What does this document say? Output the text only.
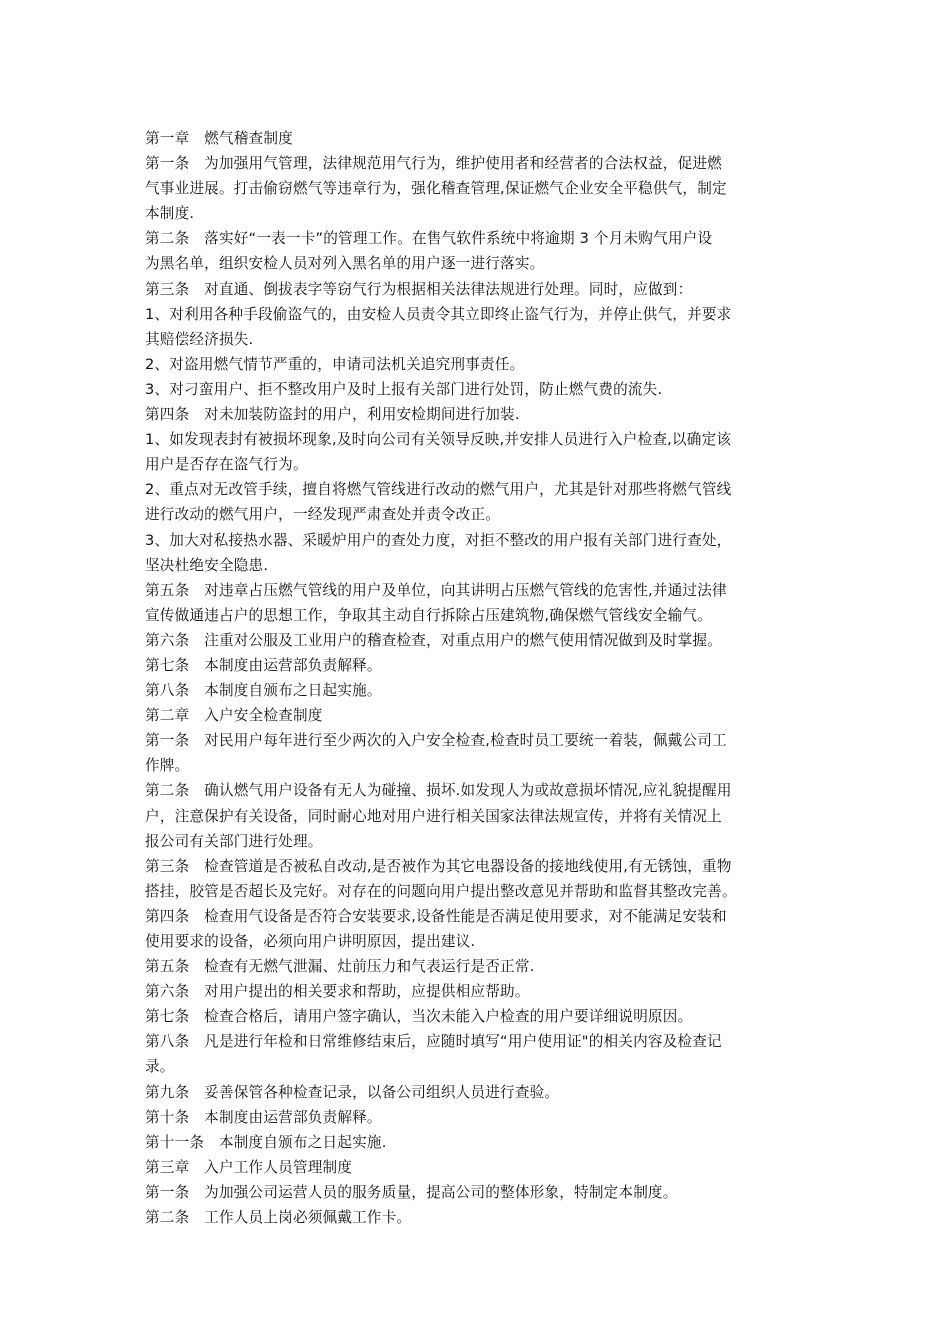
第一章　燃气稽查制度
第一条　为加强用气管理，法律规范用气行为，维护使用者和经营者的合法权益，促进燃
气事业进展。打击偷窃燃气等违章行为，强化稽查管理,保证燃气企业安全平稳供气，制定
本制度.
第二条　落实好“一表一卡”的管理工作。在售气软件系统中将逾期 3 个月未购气用户设
为黑名单，组织安检人员对列入黑名单的用户逐一进行落实。
第三条　对直通、倒拔表字等窃气行为根据相关法律法规进行处理。同时，应做到：
1、对利用各种手段偷盗气的，由安检人员责令其立即终止盗气行为，并停止供气，并要求
其赔偿经济损失.
2、对盗用燃气情节严重的，申请司法机关追究刑事责任。
3、对刁蛮用户、拒不整改用户及时上报有关部门进行处罚，防止燃气费的流失.
第四条　对未加装防盗封的用户，利用安检期间进行加装.
1、如发现表封有被损坏现象,及时向公司有关领导反映,并安排人员进行入户检查,以确定该
用户是否存在盗气行为。
2、重点对无改管手续，擅自将燃气管线进行改动的燃气用户，尤其是针对那些将燃气管线
进行改动的燃气用户，一经发现严肃查处并责令改正。
3、加大对私接热水器、采暖炉用户的查处力度，对拒不整改的用户报有关部门进行查处，
坚决杜绝安全隐患.
第五条　对违章占压燃气管线的用户及单位，向其讲明占压燃气管线的危害性,并通过法律
宣传做通违占户的思想工作，争取其主动自行拆除占压建筑物,确保燃气管线安全输气。
第六条　注重对公服及工业用户的稽查检查，对重点用户的燃气使用情况做到及时掌握。
第七条　本制度由运营部负责解释。
第八条　本制度自颁布之日起实施。
第二章　入户安全检查制度
第一条　对民用户每年进行至少两次的入户安全检查,检查时员工要统一着装，佩戴公司工
作牌。
第二条　确认燃气用户设备有无人为碰撞、损坏.如发现人为或故意损坏情况,应礼貌提醒用
户，注意保护有关设备，同时耐心地对用户进行相关国家法律法规宣传，并将有关情况上
报公司有关部门进行处理。
第三条　检查管道是否被私自改动,是否被作为其它电器设备的接地线使用,有无锈蚀，重物
搭挂，胶管是否超长及完好。对存在的问题向用户提出整改意见并帮助和监督其整改完善。
第四条　检查用气设备是否符合安装要求,设备性能是否满足使用要求，对不能满足安装和
使用要求的设备，必须向用户讲明原因，提出建议.
第五条　检查有无燃气泄漏、灶前压力和气表运行是否正常.
第六条　对用户提出的相关要求和帮助，应提供相应帮助。
第七条　检查合格后，请用户签字确认，当次未能入户检查的用户要详细说明原因。
第八条　凡是进行年检和日常维修结束后，应随时填写“用户使用证"的相关内容及检查记
录。
第九条　妥善保管各种检查记录，以备公司组织人员进行查验。
第十条　本制度由运营部负责解释。
第十一条　本制度自颁布之日起实施.
第三章　入户工作人员管理制度
第一条　为加强公司运营人员的服务质量，提高公司的整体形象，特制定本制度。
第二条　工作人员上岗必须佩戴工作卡。
